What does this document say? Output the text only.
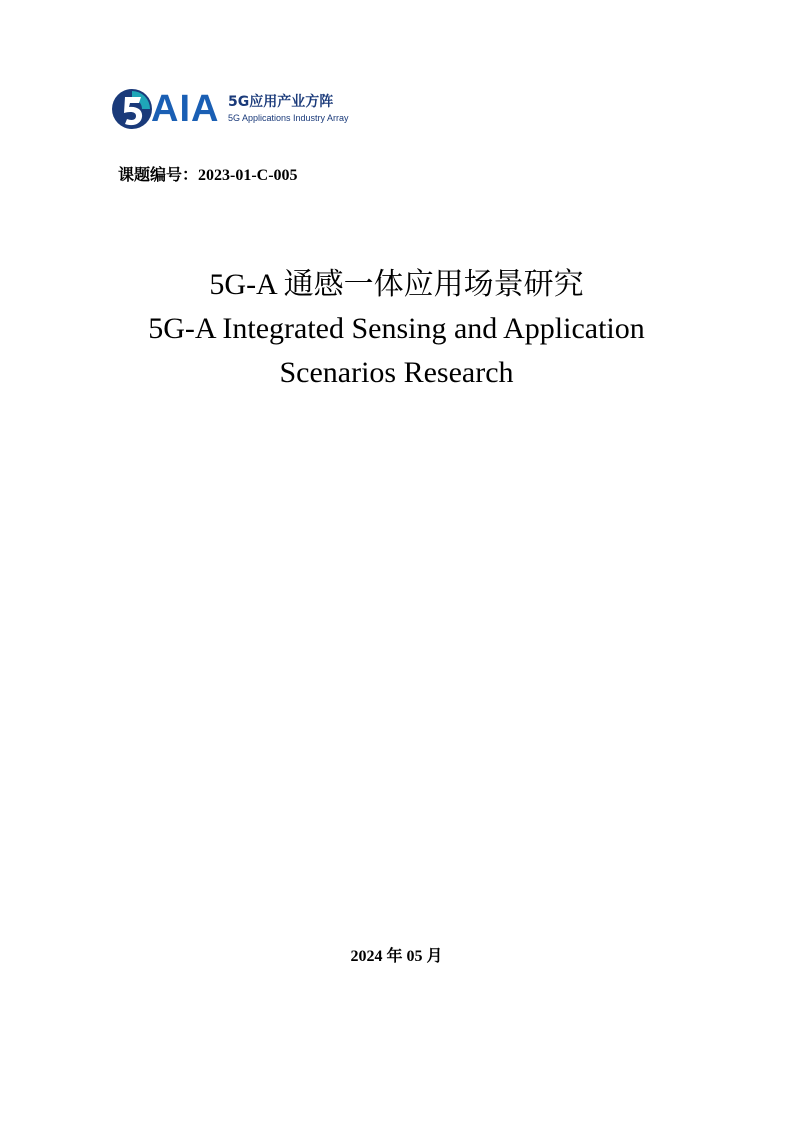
AIA 5G应用产业方阵
5G Applications Industry Array
课题编号：2023-01-C-005
5G-A 通感一体应用场景研究
5G-A Integrated Sensing and Application
Scenarios Research
2024 年 05 月
